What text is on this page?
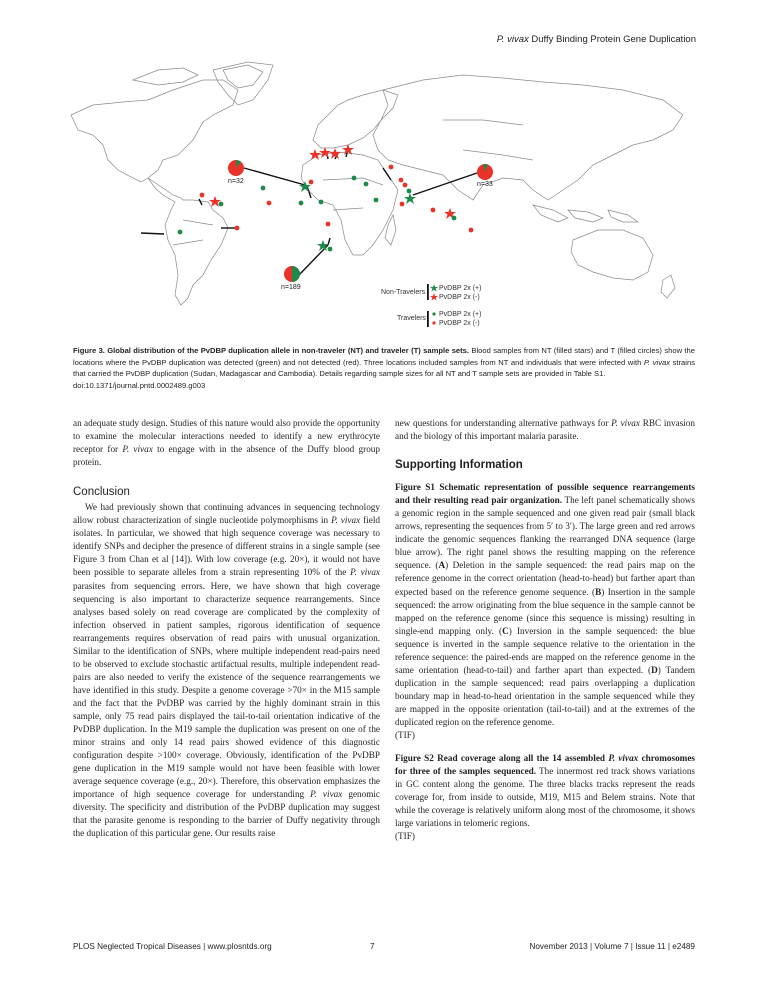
P. vivax Duffy Binding Protein Gene Duplication
n=32
n=189
n=33
Non-Travelers
PvDBP 2x (+)
PvDBP 2x (-)
Travelers
PvDBP 2x (+)
PvDBP 2x (-)
Figure 3. Global distribution of the PvDBP duplication allele in non-traveler (NT) and traveler (T) sample sets. Blood samples from NT (filled stars) and T (filled circles) show the locations where the PvDBP duplication was detected (green) and not detected (red). Three locations included samples from NT and individuals that were infected with P. vivax strains that carried the PvDBP duplication (Sudan, Madagascar and Cambodia). Details regarding sample sizes for all NT and T sample sets are provided in Table S1.
doi:10.1371/journal.pntd.0002489.g003

an adequate study design. Studies of this nature would also provide the opportunity to examine the molecular interactions needed to identify a new erythrocyte receptor for P. vivax to engage with in the absence of the Duffy blood group protein.

Conclusion

We had previously shown that continuing advances in sequencing technology allow robust characterization of single nucleotide polymorphisms in P. vivax field isolates. In particular, we showed that high sequence coverage was necessary to identify SNPs and decipher the presence of different strains in a single sample (see Figure 3 from Chan et al [14]). With low coverage (e.g. 20×), it would not have been possible to separate alleles from a strain representing 10% of the P. vivax parasites from sequencing errors. Here, we have shown that high coverage sequencing is also important to characterize sequence rearrangements. Since analyses based solely on read coverage are complicated by the complexity of infection observed in patient samples, rigorous identification of sequence rearrangements requires observation of read pairs with unusual organization. Similar to the identification of SNPs, where multiple independent read-pairs need to be observed to exclude stochastic artifactual results, multiple independent read-pairs are also needed to verify the existence of the sequence rearrangements we have identified in this study. Despite a genome coverage >70× in the M15 sample and the fact that the PvDBP was carried by the highly dominant strain in this sample, only 75 read pairs displayed the tail-to-tail orientation indicative of the PvDBP duplication. In the M19 sample the duplication was present on one of the minor strains and only 14 read pairs showed evidence of this diagnostic configuration despite >100× coverage. Obviously, identification of the PvDBP gene duplication in the M19 sample would not have been feasible with lower average sequence coverage (e.g., 20×). Therefore, this observation emphasizes the importance of high sequence coverage for understanding P. vivax genomic diversity. The specificity and distribution of the PvDBP duplication may suggest that the parasite genome is responding to the barrier of Duffy negativity through the duplication of this particular gene. Our results raise

new questions for understanding alternative pathways for P. vivax RBC invasion and the biology of this important malaria parasite.

Supporting Information

Figure S1 Schematic representation of possible sequence rearrangements and their resulting read pair organization. The left panel schematically shows a genomic region in the sample sequenced and one given read pair (small black arrows, representing the sequences from 5′ to 3′). The large green and red arrows indicate the genomic sequences flanking the rearranged DNA sequence (large blue arrow). The right panel shows the resulting mapping on the reference sequence. (A) Deletion in the sample sequenced: the read pairs map on the reference genome in the correct orientation (head-to-head) but farther apart than expected based on the reference genome sequence. (B) Insertion in the sample sequenced: the arrow originating from the blue sequence in the sample cannot be mapped on the reference genome (since this sequence is missing) resulting in single-end mapping only. (C) Inversion in the sample sequenced: the blue sequence is inverted in the sample sequence relative to the orientation in the reference sequence: the paired-ends are mapped on the reference genome in the same orientation (head-to-tail) and farther apart than expected. (D) Tandem duplication in the sample sequenced: read pairs overlapping a duplication boundary map in head-to-head orientation in the sample sequenced while they are mapped in the opposite orientation (tail-to-tail) and at the extremes of the duplicated region on the reference genome.

(TIF)

Figure S2 Read coverage along all the 14 assembled P. vivax chromosomes for three of the samples sequenced. The innermost red track shows variations in GC content along the genome. The three blacks tracks represent the reads coverage for, from inside to outside, M19, M15 and Belem strains. Note that while the coverage is relatively uniform along most of the chromosome, it shows large variations in telomeric regions.

(TIF)

PLOS Neglected Tropical Diseases | www.plosntds.org	7	November 2013 | Volume 7 | Issue 11 | e2489
